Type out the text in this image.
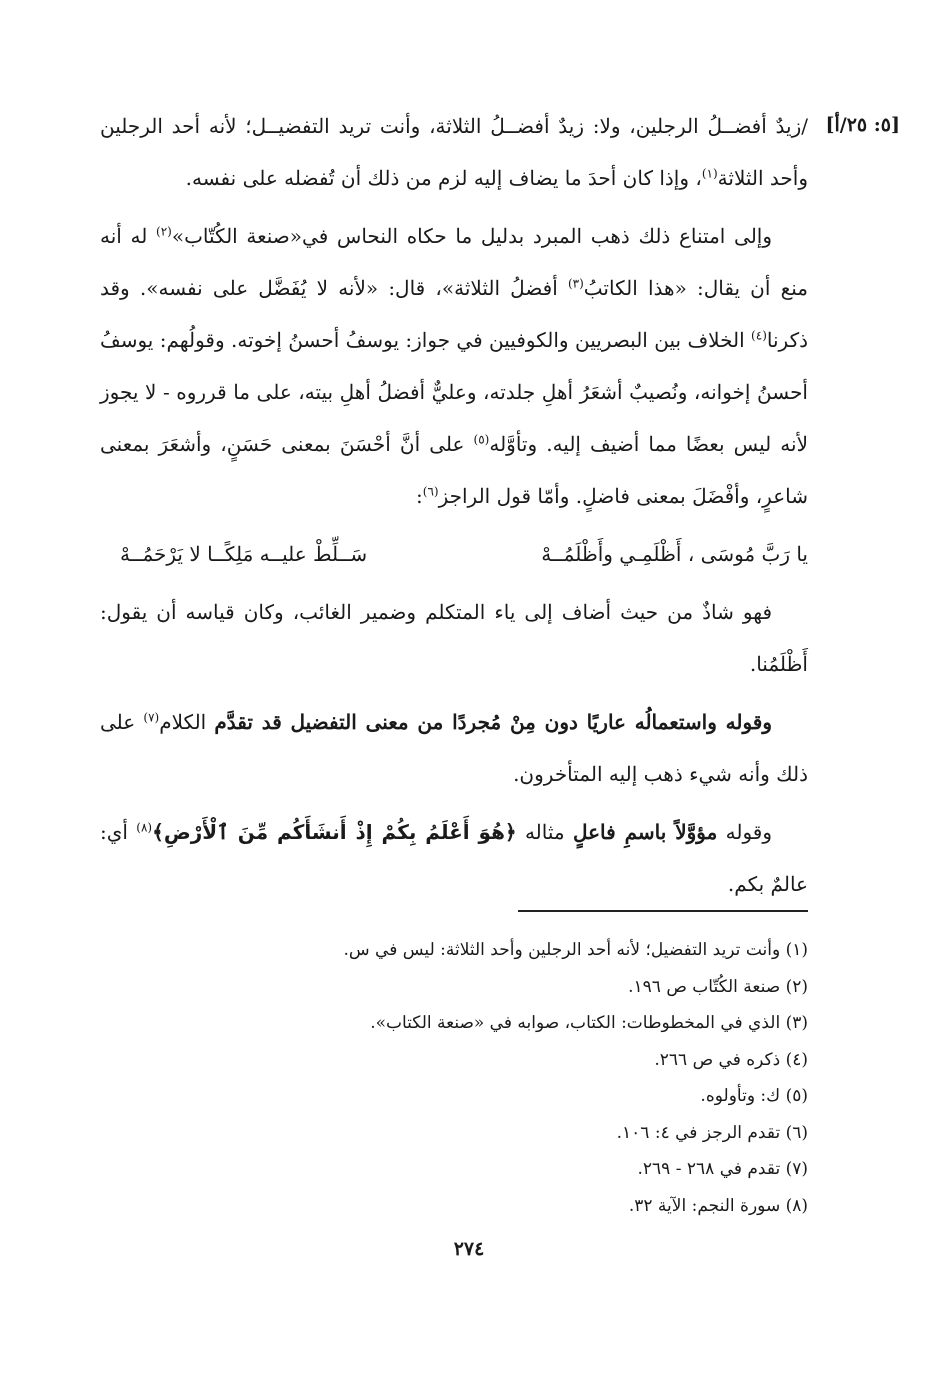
[٥: ٢٥/أ]

/زيدٌ أفضــلُ الرجلين، ولا: زيدٌ أفضــلُ الثلاثة، وأنت تريد التفضيــل؛ لأنه أحد الرجلين وأحد الثلاثة$^{(١)}$، وإذا كان أحدَ ما يضاف إليه لزم من ذلك أن تُفضله على نفسه.

وإلى امتناع ذلك ذهب المبرد بدليل ما حكاه النحاس في«صنعة الكُتّاب»$^{(٢)}$ له أنه منع أن يقال: «هذا الكاتبُ$^{(٣)}$ أفضلُ الثلاثة»، قال: «لأنه لا يُفَضَّل على نفسه». وقد ذكرنا$^{(٤)}$ الخلاف بين البصريين والكوفيين في جواز: يوسفُ أحسنُ إخوته. وقولُهم: يوسفُ أحسنُ إخوانه، ونُصيبٌ أشعَرُ أهلِ جلدته، وعليٌّ أفضلُ أهلِ بيته، على ما قرروه - لا يجوز لأنه ليس بعضًا مما أضيف إليه. وتأوَّله$^{(٥)}$ على أنَّ أحْسَنَ بمعنى حَسَنٍ، وأشعَرَ بمعنى شاعرٍ، وأفْضَلَ بمعنى فاضلٍ. وأمّا قول الراجز$^{(٦)}$:

يا رَبَّ مُوسَى ، أَظْلَمِـي وأَظْلَمُــهْ
سَــلِّطْ عليــه مَلِكًــا لا يَرْحَمُــهْ

فهو شاذٌ من حيث أضاف إلى ياء المتكلم وضمير الغائب، وكان قياسه أن يقول: أَظْلَمُنا.

وقوله واستعمالُه عاريًا دون مِنْ مُجردًا من معنى التفضيل قد تقدَّم الكلام$^{(٧)}$ على ذلك وأنه شيء ذهب إليه المتأخرون.

وقوله مؤوَّلاً باسمِ فاعلٍ مثاله ﴿هُوَ أَعْلَمُ بِكُمْ إِذْ أَنشَأَكُم مِّنَ ٱلْأَرْضِ﴾$^{(٨)}$ أي: عالمٌ بكم.

(١) وأنت تريد التفضيل؛ لأنه أحد الرجلين وأحد الثلاثة: ليس في س.

(٢) صنعة الكُتّاب ص ١٩٦.

(٣) الذي في المخطوطات: الكتاب، صوابه في «صنعة الكتاب».

(٤) ذكره في ص ٢٦٦.

(٥) ك: وتأولوه.

(٦) تقدم الرجز في ٤: ١٠٦.

(٧) تقدم في ٢٦٨ - ٢٦٩.

(٨) سورة النجم: الآية ٣٢.

٢٧٤
